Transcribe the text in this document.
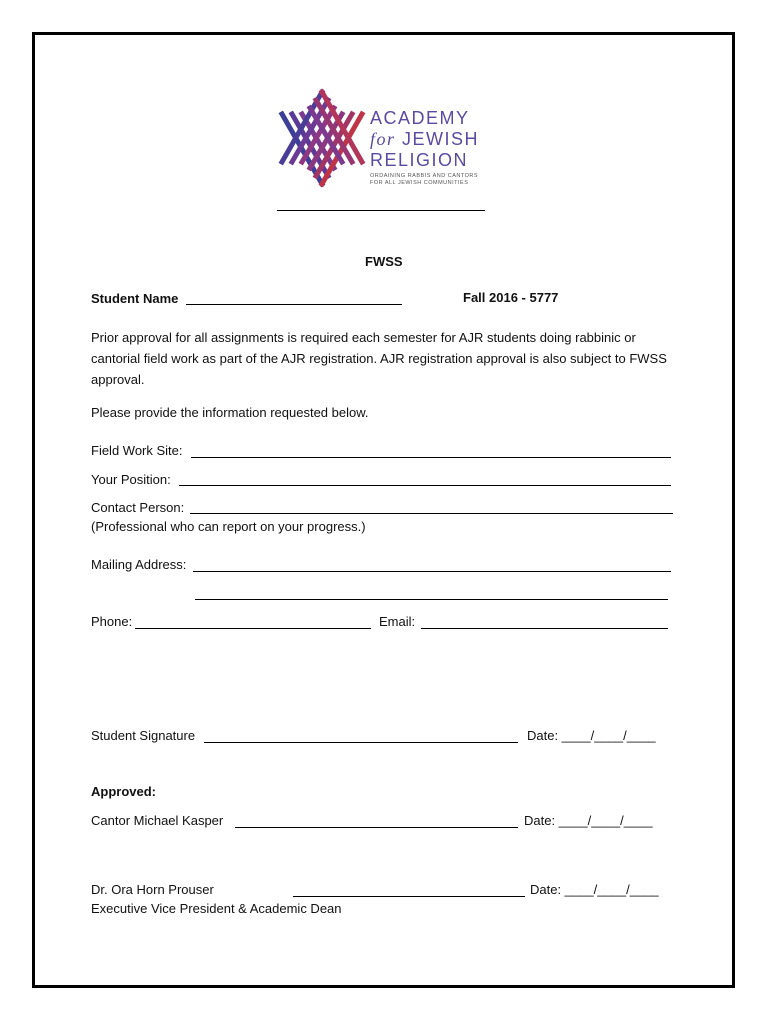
ACADEMY
for JEWISH
RELIGION
ORDAINING RABBIS AND CANTORS FOR ALL JEWISH COMMUNITIES
FWSS
Student Name	Fall 2016 - 5777
Prior approval for all assignments is required each semester for AJR students doing rabbinic or cantorial field work as part of the AJR registration. AJR registration approval is also subject to FWSS approval.
Please provide the information requested below.
Field Work Site:
Your Position:
Contact Person:
(Professional who can report on your progress.)
Mailing Address:
Phone:	Email:
Student Signature	Date: ____/____/____
Approved:
Cantor Michael Kasper	Date: ____/____/____
Dr. Ora Horn Prouser	Date: ____/____/____
Executive Vice President & Academic Dean
